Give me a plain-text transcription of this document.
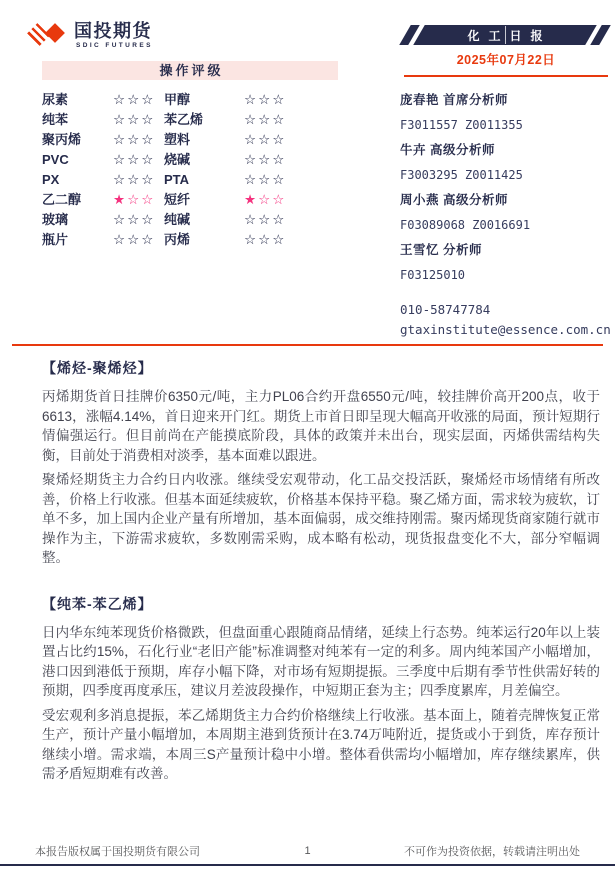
国投期货
SDIC FUTURES
化工日报
2025年07月22日
操作评级
尿素	☆☆☆ 甲醇	☆☆☆
纯苯	☆☆☆ 苯乙烯	☆☆☆
聚丙烯	☆☆☆ 塑料	☆☆☆
PVC	☆☆☆ 烧碱	☆☆☆
PX	☆☆☆ PTA	☆☆☆
乙二醇	★☆☆ 短纤	★☆☆
玻璃	☆☆☆ 纯碱	☆☆☆
瓶片	☆☆☆ 丙烯	☆☆☆
庞春艳 首席分析师
F3011557 Z0011355
牛卉 高级分析师
F3003295 Z0011425
周小燕 高级分析师
F03089068 Z0016691
王雪忆 分析师
F03125010
010-58747784
gtaxinstitute@essence.com.cn
【烯烃-聚烯烃】

丙烯期货首日挂牌价6350元/吨，主力PL06合约开盘6550元/吨，较挂牌价高开200点，收于6613，涨幅4.14%，首日迎来开门红。期货上市首日即呈现大幅高开收涨的局面，预计短期行情偏强运行。但目前尚在产能摸底阶段，具体的政策并未出台，现实层面，丙烯供需结构失衡，目前处于消费相对淡季，基本面难以跟进。

聚烯烃期货主力合约日内收涨。继续受宏观带动，化工品交投活跃，聚烯烃市场情绪有所改善，价格上行收涨。但基本面延续疲软，价格基本保持平稳。聚乙烯方面，需求较为疲软，订单不多，加上国内企业产量有所增加，基本面偏弱，成交维持刚需。聚丙烯现货商家随行就市操作为主，下游需求疲软，多数刚需采购，成本略有松动，现货报盘变化不大，部分窄幅调整。

【纯苯-苯乙烯】

日内华东纯苯现货价格微跌，但盘面重心跟随商品情绪，延续上行态势。纯苯运行20年以上装置占比约15%，石化行业“老旧产能”标准调整对纯苯有一定的利多。周内纯苯国产小幅增加，港口因到港低于预期，库存小幅下降，对市场有短期提振。三季度中后期有季节性供需好转的预期，四季度再度承压，建议月差波段操作，中短期正套为主；四季度累库，月差偏空。

受宏观利多消息提振，苯乙烯期货主力合约价格继续上行收涨。基本面上，随着壳牌恢复正常生产，预计产量小幅增加，本周期主港到货预计在3.74万吨附近，提货或小于到货，库存预计继续小增。需求端，本周三S产量预计稳中小增。整体看供需均小幅增加，库存继续累库，供需矛盾短期难有改善。

1
本报告版权属于国投期货有限公司	不可作为投资依据，转载请注明出处
